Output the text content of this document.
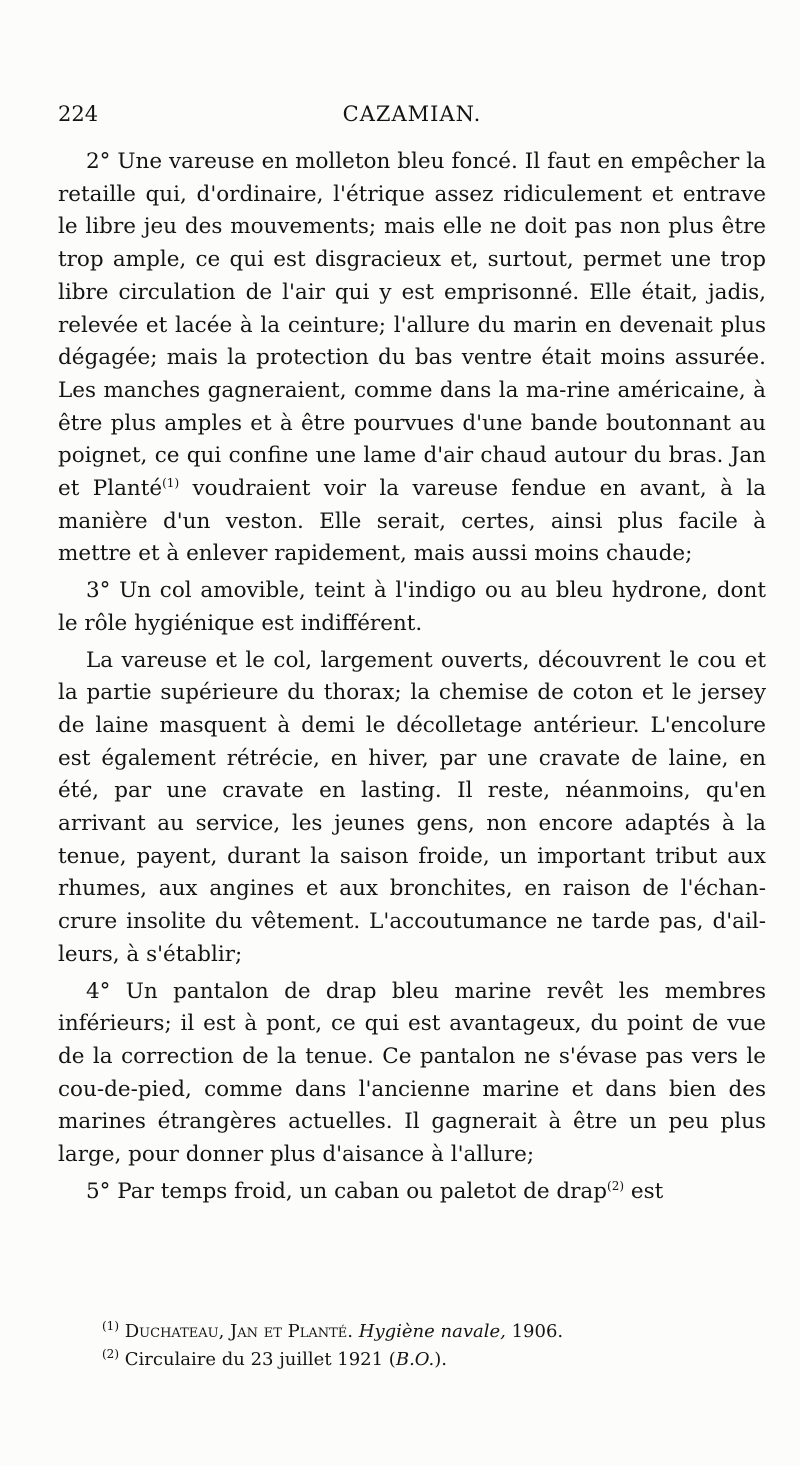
224	CAZAMIAN.

2° Une vareuse en molleton bleu foncé. Il faut en empêcher la retaille qui, d'ordinaire, l'étrique assez ridiculement et entrave le libre jeu des mouvements; mais elle ne doit pas non plus être trop ample, ce qui est disgracieux et, surtout, permet une trop libre circulation de l'air qui y est emprisonné. Elle était, jadis, relevée et lacée à la ceinture; l'allure du marin en devenait plus dégagée; mais la protection du bas ventre était moins assurée. Les manches gagneraient, comme dans la ma-rine américaine, à être plus amples et à être pourvues d'une bande boutonnant au poignet, ce qui confine une lame d'air chaud autour du bras. Jan et Planté$^{(1)}$ voudraient voir la vareuse fendue en avant, à la manière d'un veston. Elle serait, certes, ainsi plus facile à mettre et à enlever rapidement, mais aussi moins chaude;

3° Un col amovible, teint à l'indigo ou au bleu hydrone, dont le rôle hygiénique est indifférent.

La vareuse et le col, largement ouverts, découvrent le cou et la partie supérieure du thorax; la chemise de coton et le jersey de laine masquent à demi le décolletage antérieur. L'encolure est également rétrécie, en hiver, par une cravate de laine, en été, par une cravate en lasting. Il reste, néanmoins, qu'en arrivant au service, les jeunes gens, non encore adaptés à la tenue, payent, durant la saison froide, un important tribut aux rhumes, aux angines et aux bronchites, en raison de l'échan-crure insolite du vêtement. L'accoutumance ne tarde pas, d'ail-leurs, à s'établir;

4° Un pantalon de drap bleu marine revêt les membres inférieurs; il est à pont, ce qui est avantageux, du point de vue de la correction de la tenue. Ce pantalon ne s'évase pas vers le cou-de-pied, comme dans l'ancienne marine et dans bien des marines étrangères actuelles. Il gagnerait à être un peu plus large, pour donner plus d'aisance à l'allure;

5° Par temps froid, un caban ou paletot de drap$^{(2)}$ est

$^{(1)}$ Duchateau, Jan et Planté. Hygiène navale, 1906.
$^{(2)}$ Circulaire du 23 juillet 1921 (B.O.).
